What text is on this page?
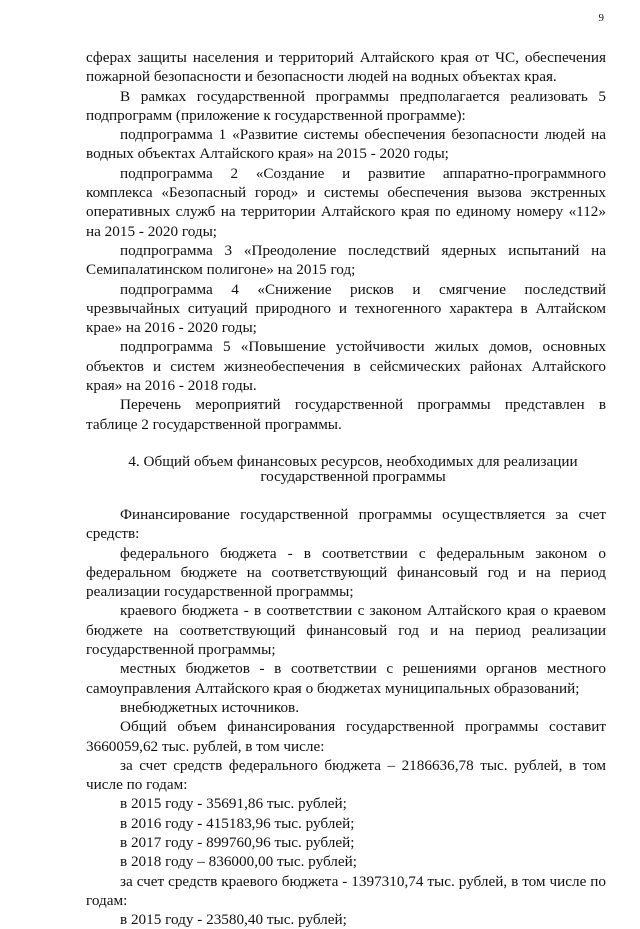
9

сферах защиты населения и территорий Алтайского края от ЧС, обеспечения пожарной безопасности и безопасности людей на водных объектах края.

В рамках государственной программы предполагается реализовать 5 подпрограмм (приложение к государственной программе):

подпрограмма 1 «Развитие системы обеспечения безопасности людей на водных объектах Алтайского края» на 2015 - 2020 годы;

подпрограмма 2 «Создание и развитие аппаратно-программного комплекса «Безопасный город» и системы обеспечения вызова экстренных оперативных служб на территории Алтайского края по единому номеру «112» на 2015 - 2020 годы;

подпрограмма 3 «Преодоление последствий ядерных испытаний на Семипалатинском полигоне» на 2015 год;

подпрограмма 4 «Снижение рисков и смягчение последствий чрезвычайных ситуаций природного и техногенного характера в Алтайском крае» на 2016 - 2020 годы;

подпрограмма 5 «Повышение устойчивости жилых домов, основных объектов и систем жизнеобеспечения в сейсмических районах Алтайского края» на 2016 - 2018 годы.

Перечень мероприятий государственной программы представлен в таблице 2 государственной программы.

4. Общий объем финансовых ресурсов, необходимых для реализации государственной программы

Финансирование государственной программы осуществляется за счет средств:

федерального бюджета - в соответствии с федеральным законом о федеральном бюджете на соответствующий финансовый год и на период реализации государственной программы;

краевого бюджета - в соответствии с законом Алтайского края о краевом бюджете на соответствующий финансовый год и на период реализации государственной программы;

местных бюджетов - в соответствии с решениями органов местного самоуправления Алтайского края о бюджетах муниципальных образований;

внебюджетных источников.

Общий объем финансирования государственной программы составит 3660059,62 тыс. рублей, в том числе:

за счет средств федерального бюджета – 2186636,78 тыс. рублей, в том числе по годам:

в 2015 году - 35691,86 тыс. рублей;

в 2016 году - 415183,96 тыс. рублей;

в 2017 году - 899760,96 тыс. рублей;

в 2018 году – 836000,00 тыс. рублей;

за счет средств краевого бюджета - 1397310,74 тыс. рублей, в том числе по годам:

в 2015 году - 23580,40 тыс. рублей;
